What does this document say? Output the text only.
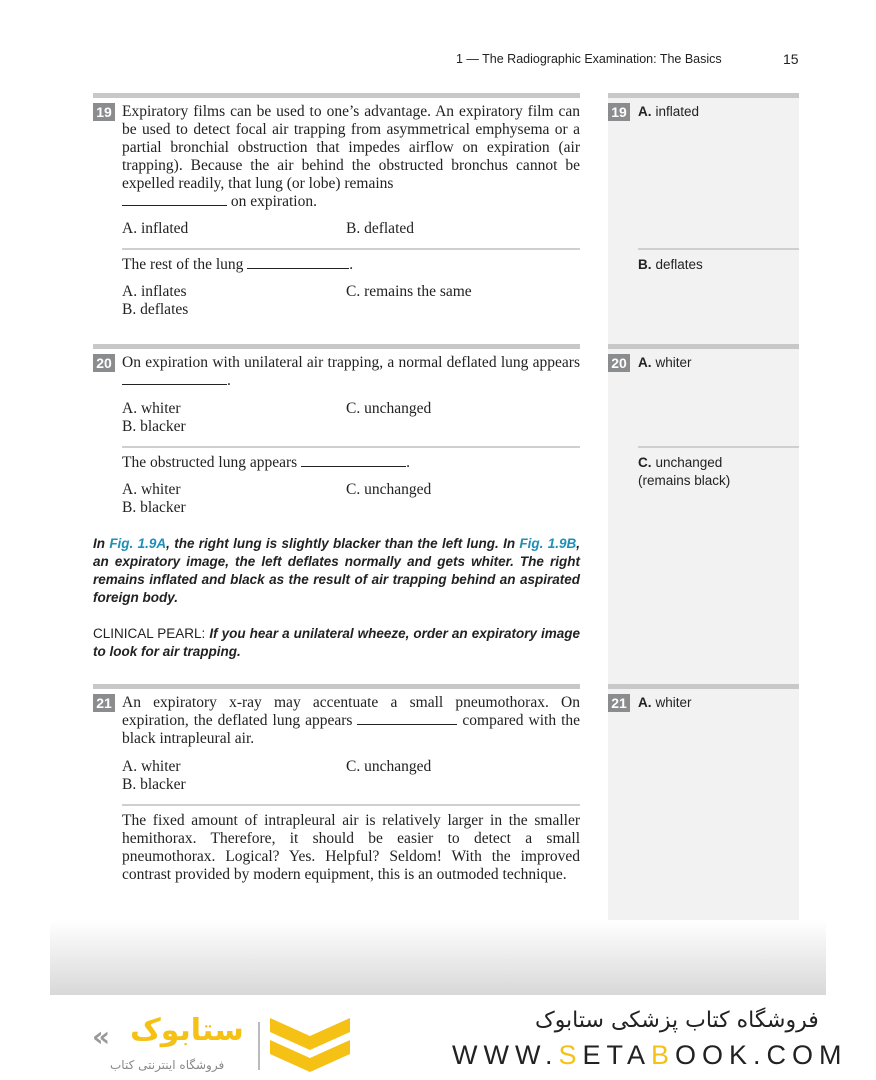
1 — The Radiographic Examination: The Basics	15
19 Expiratory films can be used to one’s advantage. An expiratory film can be used to detect focal air trapping from asymmetrical emphysema or a partial bronchial obstruction that impedes airflow on expiration (air trapping). Because the air behind the obstructed bronchus cannot be expelled readily, that lung (or lobe) remains
on expiration.
A. inflated	B. deflated
The rest of the lung	.
A. inflates	C. remains the same
B. deflates
19 A. inflated
B. deflates
20 On expiration with unilateral air trapping, a normal deflated lung appears .
A. whiter	C. unchanged
B. blacker
The obstructed lung appears	.
A. whiter	C. unchanged
B. blacker
20 A. whiter
C. unchanged
(remains black)
In Fig. 1.9A, the right lung is slightly blacker than the left lung. In Fig. 1.9B, an expiratory image, the left deflates normally and gets whiter. The right remains inflated and black as the result of air trapping behind an aspirated foreign body.
CLINICAL PEARL: If you hear a unilateral wheeze, order an expiratory image to look for air trapping.
21 An expiratory x-ray may accentuate a small pneumothorax. On expiration, the deflated lung appears	compared with the black intrapleural air.
A. whiter	C. unchanged
B. blacker
The fixed amount of intrapleural air is relatively larger in the smaller hemithorax. Therefore, it should be easier to detect a small pneumothorax. Logical? Yes. Helpful? Seldom! With the improved contrast provided by modern equipment, this is an outmoded technique.
21 A. whiter
« ستابوک
فروشگاه اینترنتی کتاب
فروشگاه کتاب پزشکی ستابوک
WWW.SETABOOK.COM
